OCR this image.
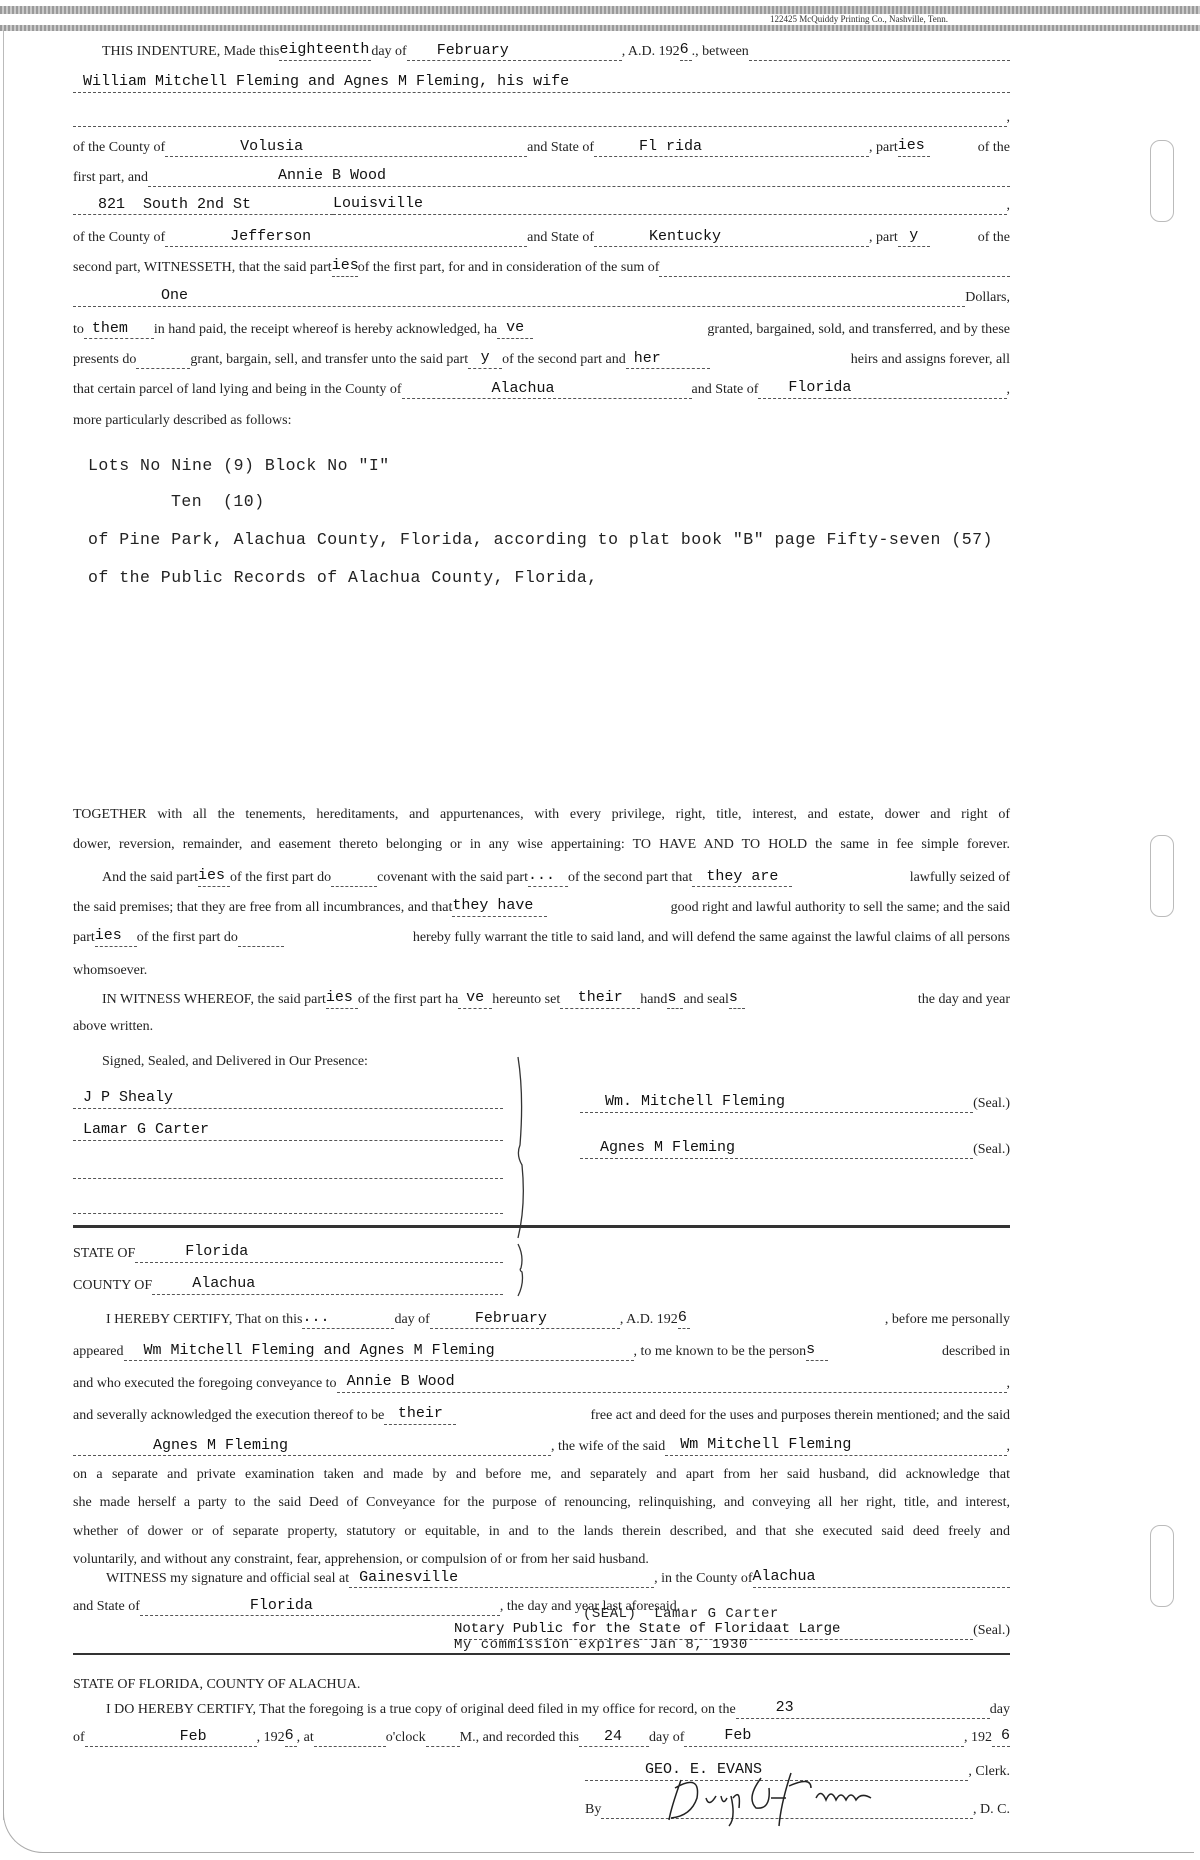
122425 McQuiddy Printing Co., Nashville, Tenn.
THIS INDENTURE, Made this eighteenth day of	February	, A.D. 192 6 ., between
William Mitchell Fleming and Agnes M Fleming, his wife
,
of the County of	Volusia	and State of	Fl rida	, part ies	of the
first part, and	Annie B Wood
821  South 2nd St	Louisville	,
of the County of	Jefferson	and State of	Kentucky	, part y	of the
second part, WITNESSETH, that the said part ies
of the first part, for and in consideration of the sum of
One	Dollars,
to them	in hand paid, the receipt whereof is hereby acknowledged, ha ve	granted, bargained, sold, and transferred, and by these
presents do	grant, bargain, sell, and transfer unto the said part y of the second part and her	heirs and assigns forever, all
that certain parcel of land lying and being in the County of	Alachua	and State of	Florida	,
more particularly described as follows:
Lots No Nine (9) Block No "I"
Ten  (10)
of Pine Park, Alachua County, Florida, according to plat book "B" page Fifty-seven (57)
of the Public Records of Alachua County, Florida,
TOGETHER with all the tenements, hereditaments, and appurtenances, with every privilege, right, title, interest, and estate, dower and right of
dower, reversion, remainder, and easement thereto belonging or in any wise appertaining: TO HAVE AND TO HOLD the same in fee simple forever.
And the said part ies of the first part do	covenant with the said part ... of the second part that they are	lawfully seized of
the said premises; that they are free from all incumbrances, and that they have	good right and lawful authority to sell the same; and the said
part ies	of the first part do	hereby fully warrant the title to said land, and will defend the same against the lawful claims of all persons
whomsoever.
IN WITNESS WHEREOF, the said part ies of the first part ha ve hereunto set	their	hand s and seal s	the day and year
above written.
Signed, Sealed, and Delivered in Our Presence:
J P Shealy
Lamar G Carter
Wm. Mitchell Fleming	(Seal.)
Agnes M Fleming	(Seal.)
STATE OF	Florida
COUNTY OF	Alachua
I HEREBY CERTIFY, That on this ...	day of	February	, A.D. 192 6	, before me personally
appeared	Wm Mitchell Fleming and Agnes M Fleming	, to me known to be the person s	described in
and who executed the foregoing conveyance to Annie B Wood	,
and severally acknowledged the execution thereof to be their	free act and deed for the uses and purposes therein mentioned; and the said
Agnes M Fleming	, the wife of the said	Wm Mitchell Fleming	,
on a separate and private examination taken and made by and before me, and separately and apart from her said husband, did acknowledge that
she made herself a party to the said Deed of Conveyance for the purpose of renouncing, relinquishing, and conveying all her right, title, and interest,
whether of dower or of separate property, statutory or equitable, in and to the lands therein described, and that she executed said deed freely and
voluntarily, and without any constraint, fear, apprehension, or compulsion of or from her said husband.
WITNESS my signature and official seal at Gainesville	, in the County of Alachua
and State of	Florida	, the day and year last aforesaid.
(SEAL)  Lamar G Carter
Notary Public for the State of Floridaat Large	(Seal.)
My commission expires Jan 8, 1930
STATE OF FLORIDA, COUNTY OF ALACHUA.
I DO HEREBY CERTIFY, That the foregoing is a true copy of original deed filed in my office for record, on the	23	day
of	Feb	, 192 6 , at	o'clock M., and recorded this	24	day of	Feb	, 192 6
GEO. E. EVANS	, Clerk.
By

	, D. C.
